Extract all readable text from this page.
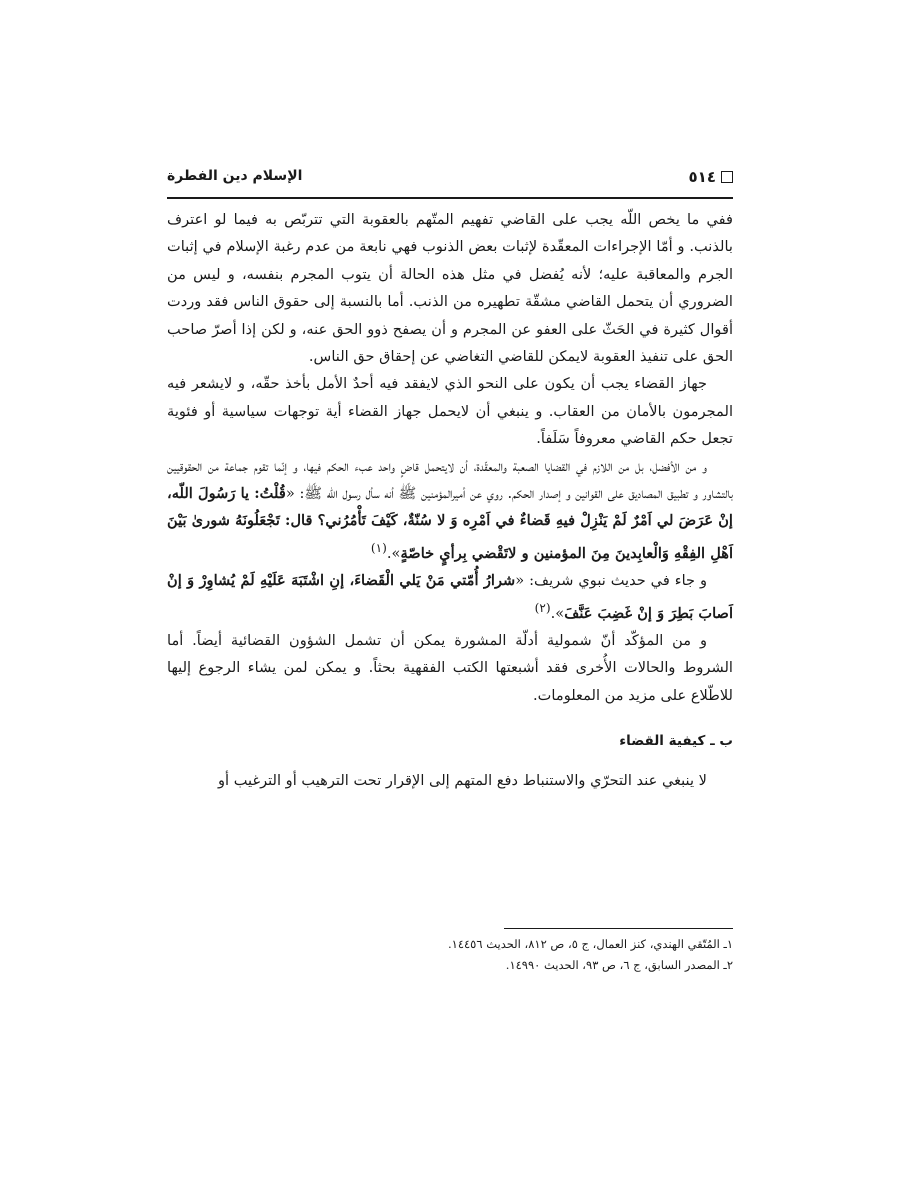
٥١٤
الإسلام دين الفطرة

ففي ما يخص اللّه يجب على القاضي تفهيم المتّهم بالعقوبة التي تتربّص به فيما لو اعترف بالذنب. و أمّا الإجراءات المعقّدة لإثبات بعض الذنوب فهي نابعة من عدم رغبة الإسلام في إثبات الجرم والمعاقبة عليه؛ لأنه يُفضل في مثل هذه الحالة أن يتوب المجرم بنفسه، و ليس من الضروري أن يتحمل القاضي مشقّة تطهيره من الذنب. أما بالنسبة إلى حقوق الناس فقد وردت أقوال كثيرة في الحَثّ على العفو عن المجرم و أن يصفح ذوو الحق عنه، و لكن إذا أصرّ صاحب الحق على تنفيذ العقوبة لايمكن للقاضي التغاضي عن إحقاق حق الناس.

جهاز القضاء يجب أن يكون على النحو الذي لايفقد فيه أحدٌ الأمل بأخذ حقّه، و لايشعر فيه المجرمون بالأمان من العقاب. و ينبغي أن لايحمل جهاز القضاء أية توجهات سياسية أو فئوية تجعل حكم القاضي معروفاً سَلَفاً.

و من الأفضل، بل من اللازم في القضايا الصعبة والمعقّدة، أن لايتحمل قاضٍ واحد عبء الحكم فيها، و إنّما تقوم جماعة من الحقوقيين بالتشاور و تطبيق المصاديق على القوانين و إصدار الحكم. روي عن أميرالمؤمنين ﷺ أنه سأل رسول اللّه ﷺ: «قُلْتُ: يا رَسُولَ اللّه، إنْ عَرَضَ لي اَمْرٌ لَمْ يَنْزِلْ فيهِ قَضاءٌ في اَمْرِه وَ لا سُنّةٌ، كَيْفَ تَأْمُرُني؟ قال: تَجْعَلُونَهُ شورىٰ بَيْنَ اَهْلِ الفِقْهِ وَالْعابِدينَ مِنَ المؤمنين و لاتَقْضي بِرأيٍ خاصّةٍ».$^{(١)}$

و جاء في حديث نبوي شريف: «شرارُ أُمّتي مَنْ يَلي الْقَضاءَ، إنِ اشْتَبَهَ عَلَيْهِ لَمْ يُشاوِرْ وَ إنْ اَصابَ بَطِرَ وَ إنْ غَضِبَ عَنَّفَ».$^{(٢)}$

و من المؤكّد أنّ شمولية أدلّة المشورة يمكن أن تشمل الشؤون القضائية أيضاً. أما الشروط والحالات الأُخرى فقد أشبعتها الكتب الفقهية بحثاً. و يمكن لمن يشاء الرجوع إليها للاطّلاع على مزيد من المعلومات.

ب ـ كيفية القضاء

لا ينبغي عند التحرّي والاستنباط دفع المتهم إلى الإقرار تحت الترهيب أو الترغيب أو

١ـ المُتّقي الهندي، كنز العمال، ج ٥، ص ٨١٢، الحديث ١٤٤٥٦.
٢ـ المصدر السابق، ج ٦، ص ٩٣، الحديث ١٤٩٩٠.
